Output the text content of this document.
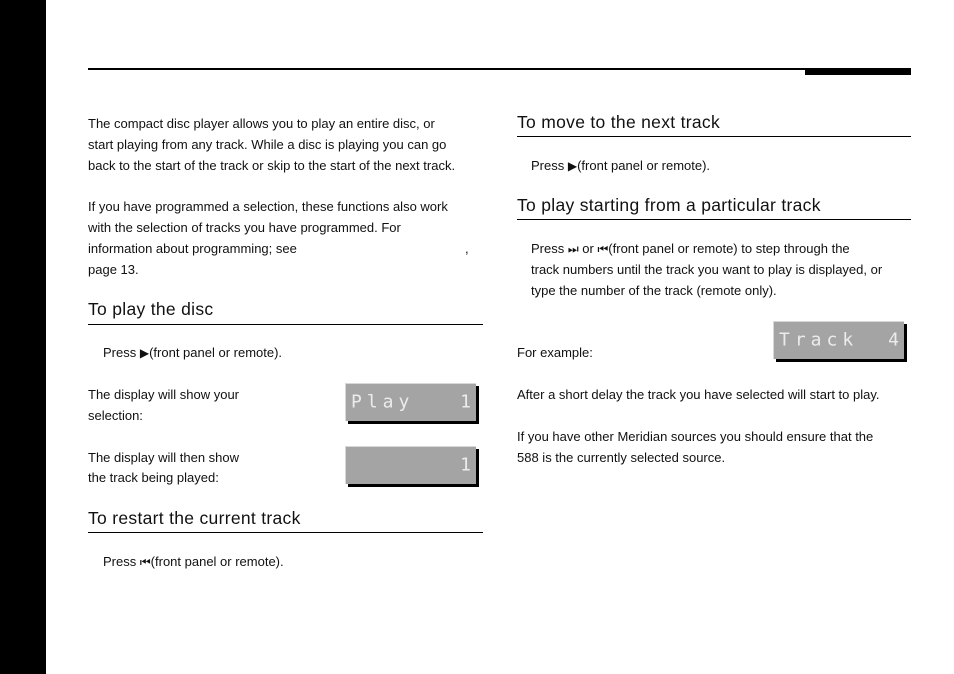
The compact disc player allows you to play an entire disc, or

start playing from any track. While a disc is playing you can go

back to the start of the track or skip to the start of the next track.

If you have programmed a selection, these functions also work

with the selection of tracks you have programmed. For

information about programming; see	,

page 13.

To play the disc

Press ▶(front panel or remote).

The display will show your

selection:

Play	1

The display will then show

the track being played:

1
To restart the current track

Press ⏮(front panel or remote).

To move to the next track

Press ▶(front panel or remote).

To play starting from a particular track

Press ⏭ or ⏮(front panel or remote) to step through the

track numbers until the track you want to play is displayed, or

type the number of the track (remote only).

For example:

Track 4

After a short delay the track you have selected will start to play.

If you have other Meridian sources you should ensure that the

588 is the currently selected source.
